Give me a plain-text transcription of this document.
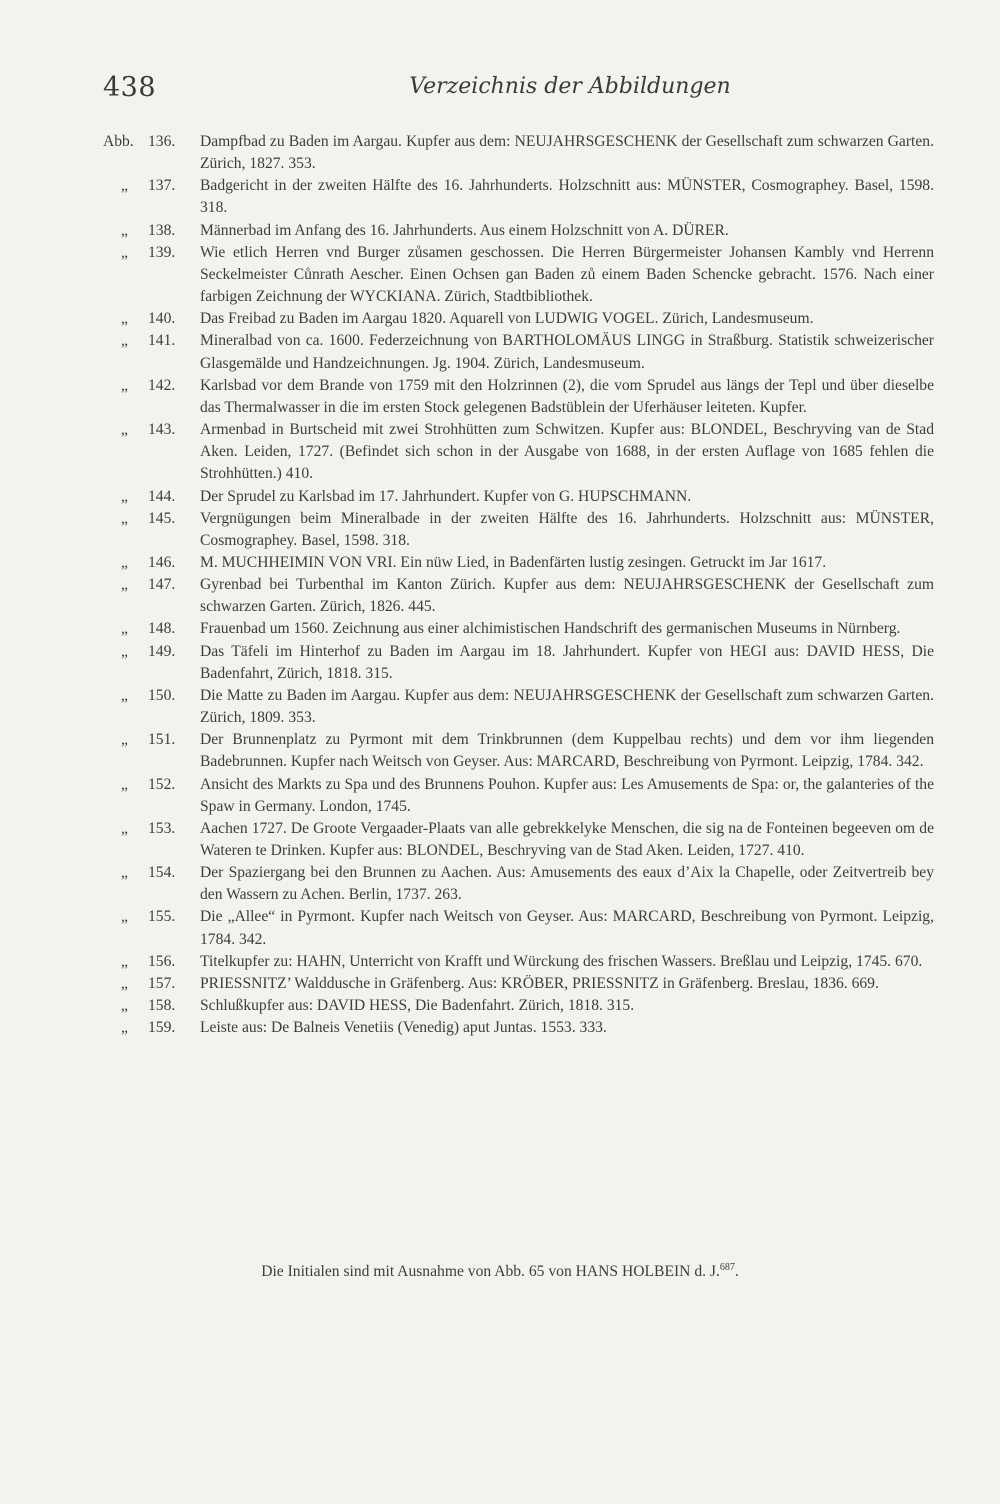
438	Verzeichnis der Abbildungen
Abb. 136. Dampfbad zu Baden im Aargau. Kupfer aus dem: NEUJAHRSGESCHENK der Gesellschaft zum schwarzen Garten. Zürich, 1827. 353.
„ 137. Badgericht in der zweiten Hälfte des 16. Jahrhunderts. Holzschnitt aus: MÜNSTER, Cosmographey. Basel, 1598. 318.
„ 138. Männerbad im Anfang des 16. Jahrhunderts. Aus einem Holzschnitt von A. DÜRER.
„ 139. Wie etlich Herren vnd Burger zůsamen geschossen. Die Herren Bürgermeister Johansen Kambly vnd Herrenn Seckelmeister Cůnrath Aescher. Einen Ochsen gan Baden zů einem Baden Schencke gebracht. 1576. Nach einer farbigen Zeichnung der WYCKIANA. Zürich, Stadtbibliothek.
„ 140. Das Freibad zu Baden im Aargau 1820. Aquarell von LUDWIG VOGEL. Zürich, Landesmuseum.
„ 141. Mineralbad von ca. 1600. Federzeichnung von BARTHOLOMÄUS LINGG in Straßburg. Statistik schweizerischer Glasgemälde und Handzeichnungen. Jg. 1904. Zürich, Landesmuseum.
„ 142. Karlsbad vor dem Brande von 1759 mit den Holzrinnen (2), die vom Sprudel aus längs der Tepl und über dieselbe das Thermalwasser in die im ersten Stock gelegenen Badstüblein der Uferhäuser leiteten. Kupfer.
„ 143. Armenbad in Burtscheid mit zwei Strohhütten zum Schwitzen. Kupfer aus: BLONDEL, Beschryving van de Stad Aken. Leiden, 1727. (Befindet sich schon in der Ausgabe von 1688, in der ersten Auflage von 1685 fehlen die Strohhütten.) 410.
„ 144. Der Sprudel zu Karlsbad im 17. Jahrhundert. Kupfer von G. HUPSCHMANN.
„ 145. Vergnügungen beim Mineralbade in der zweiten Hälfte des 16. Jahrhunderts. Holzschnitt aus: MÜNSTER, Cosmographey. Basel, 1598. 318.
„ 146. M. MUCHHEIMIN VON VRI. Ein nüw Lied, in Badenfärten lustig zesingen. Getruckt im Jar 1617.
„ 147. Gyrenbad bei Turbenthal im Kanton Zürich. Kupfer aus dem: NEUJAHRSGESCHENK der Gesellschaft zum schwarzen Garten. Zürich, 1826. 445.
„ 148. Frauenbad um 1560. Zeichnung aus einer alchimistischen Handschrift des germanischen Museums in Nürnberg.
„ 149. Das Täfeli im Hinterhof zu Baden im Aargau im 18. Jahrhundert. Kupfer von HEGI aus: DAVID HESS, Die Badenfahrt, Zürich, 1818. 315.
„ 150. Die Matte zu Baden im Aargau. Kupfer aus dem: NEUJAHRSGESCHENK der Gesellschaft zum schwarzen Garten. Zürich, 1809. 353.
„ 151. Der Brunnenplatz zu Pyrmont mit dem Trinkbrunnen (dem Kuppelbau rechts) und dem vor ihm liegenden Badebrunnen. Kupfer nach Weitsch von Geyser. Aus: MARCARD, Beschreibung von Pyrmont. Leipzig, 1784. 342.
„ 152. Ansicht des Markts zu Spa und des Brunnens Pouhon. Kupfer aus: Les Amusements de Spa: or, the galanteries of the Spaw in Germany. London, 1745.
„ 153. Aachen 1727. De Groote Vergaader-Plaats van alle gebrekkelyke Menschen, die sig na de Fonteinen begeeven om de Wateren te Drinken. Kupfer aus: BLONDEL, Beschryving van de Stad Aken. Leiden, 1727. 410.
„ 154. Der Spaziergang bei den Brunnen zu Aachen. Aus: Amusements des eaux d’Aix la Chapelle, oder Zeitvertreib bey den Wassern zu Achen. Berlin, 1737. 263.
„ 155. Die „Allee“ in Pyrmont. Kupfer nach Weitsch von Geyser. Aus: MARCARD, Beschreibung von Pyrmont. Leipzig, 1784. 342.
„ 156. Titelkupfer zu: HAHN, Unterricht von Krafft und Würckung des frischen Wassers. Breßlau und Leipzig, 1745. 670.
„ 157. PRIESSNITZ’ Walddusche in Gräfenberg. Aus: KRÖBER, PRIESSNITZ in Gräfenberg. Breslau, 1836. 669.
„ 158. Schlußkupfer aus: DAVID HESS, Die Badenfahrt. Zürich, 1818. 315.
„ 159. Leiste aus: De Balneis Venetiis (Venedig) aput Juntas. 1553. 333.
Die Initialen sind mit Ausnahme von Abb. 65 von HANS HOLBEIN d. J.$^{687}$.
